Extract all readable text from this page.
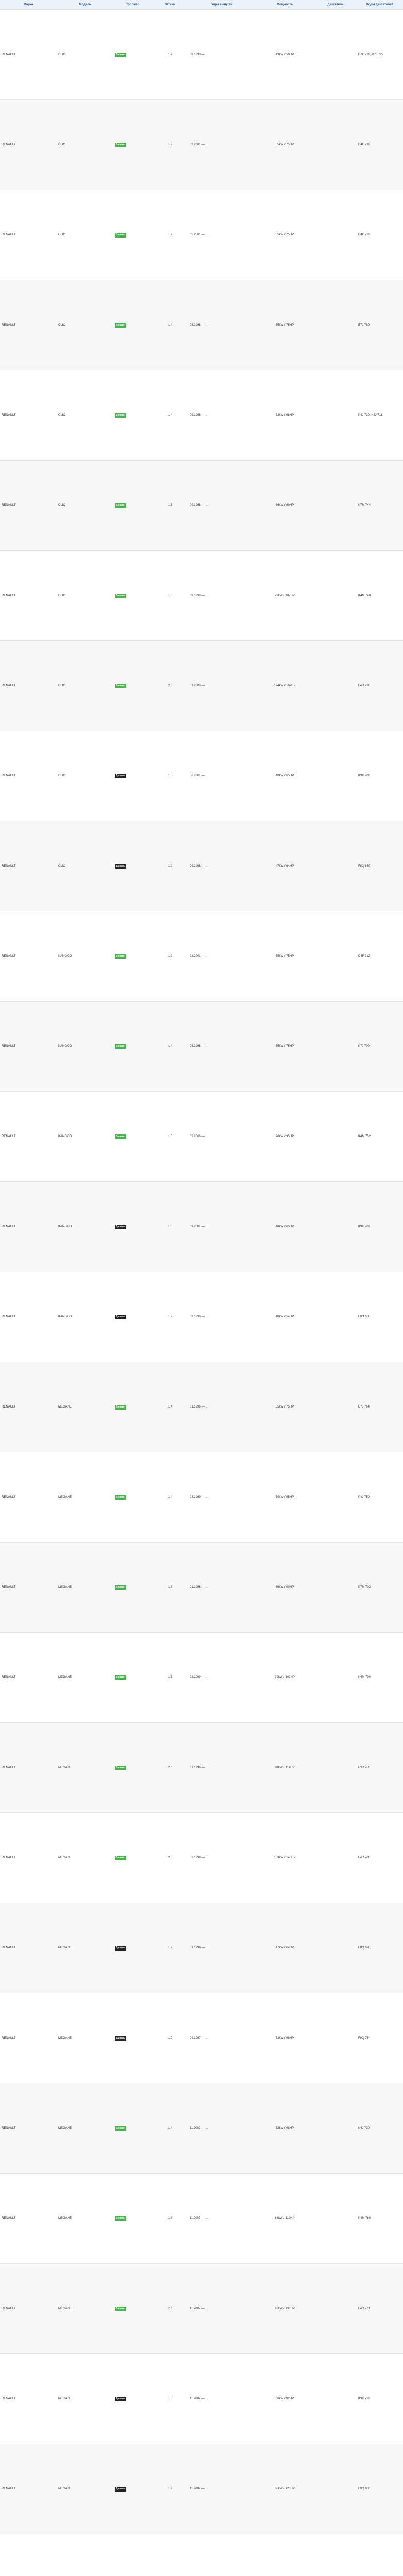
Марка	Модель	Топливо	Объем	Годы выпуска	Мощность	Двигатель	Коды двигателей
RENAULT	CLIO	Бензин	1.2	09.1998 — ...	43kW / 58HP		D7F 720, D7F 722
RENAULT	CLIO	Бензин	1.2	02.2001 — ...	55kW / 75HP		D4F 712
RENAULT	CLIO	Бензин	1.2	05.2001 — ...	55kW / 75HP		D4F 722
RENAULT	CLIO	Бензин	1.4	03.1998 — ...	55kW / 75HP		E7J 780
RENAULT	CLIO	Бензин	1.4	09.1998 — ...	72kW / 98HP		K4J 710, K4J 711
RENAULT	CLIO	Бензин	1.6	09.1998 — ...	66kW / 90HP		K7M 744
RENAULT	CLIO	Бензин	1.6	09.1999 — ...	79kW / 107HP		K4M 748
RENAULT	CLIO	Бензин	2.0	01.2000 — ...	124kW / 169HP		F4R 736
RENAULT	CLIO	Дизель	1.5	06.2001 — ...	48kW / 65HP		K9K 700
RENAULT	CLIO	Дизель	1.9	09.1998 — ...	47kW / 64HP		F8Q 630
RENAULT	KANGOO	Бензин	1.2	03.2001 — ...	55kW / 75HP		D4F 712
RENAULT	KANGOO	Бензин	1.4	03.1998 — ...	55kW / 75HP		K7J 700
RENAULT	KANGOO	Бензин	1.6	09.2000 — ...	70kW / 95HP		K4M 752
RENAULT	KANGOO	Дизель	1.5	03.2001 — ...	48kW / 65HP		K9K 702
RENAULT	KANGOO	Дизель	1.9	03.1998 — ...	40kW / 54HP		F8Q 630
RENAULT	MEGANE	Бензин	1.4	01.1996 — ...	55kW / 75HP		E7J 764
RENAULT	MEGANE	Бензин	1.4	03.1999 — ...	70kW / 95HP		K4J 750
RENAULT	MEGANE	Бензин	1.6	01.1996 — ...	66kW / 90HP		K7M 702
RENAULT	MEGANE	Бензин	1.6	03.1999 — ...	79kW / 107HP		K4M 700
RENAULT	MEGANE	Бензин	2.0	01.1996 — ...	84kW / 114HP		F3R 750
RENAULT	MEGANE	Бензин	2.0	03.1999 — ...	103kW / 140HP		F4R 700
RENAULT	MEGANE	Дизель	1.9	01.1996 — ...	47kW / 64HP		F8Q 620
RENAULT	MEGANE	Дизель	1.9	09.1997 — ...	72kW / 98HP		F9Q 734
RENAULT	MEGANE	Бензин	1.4	11.2002 — ...	72kW / 98HP		K4J 730
RENAULT	MEGANE	Бензин	1.6	11.2002 — ...	83kW / 113HP		K4M 760
RENAULT	MEGANE	Бензин	2.0	11.2002 — ...	98kW / 133HP		F4R 771
RENAULT	MEGANE	Дизель	1.5	11.2002 — ...	60kW / 82HP		K9K 722
RENAULT	MEGANE	Дизель	1.9	11.2002 — ...	88kW / 120HP		F9Q 800
